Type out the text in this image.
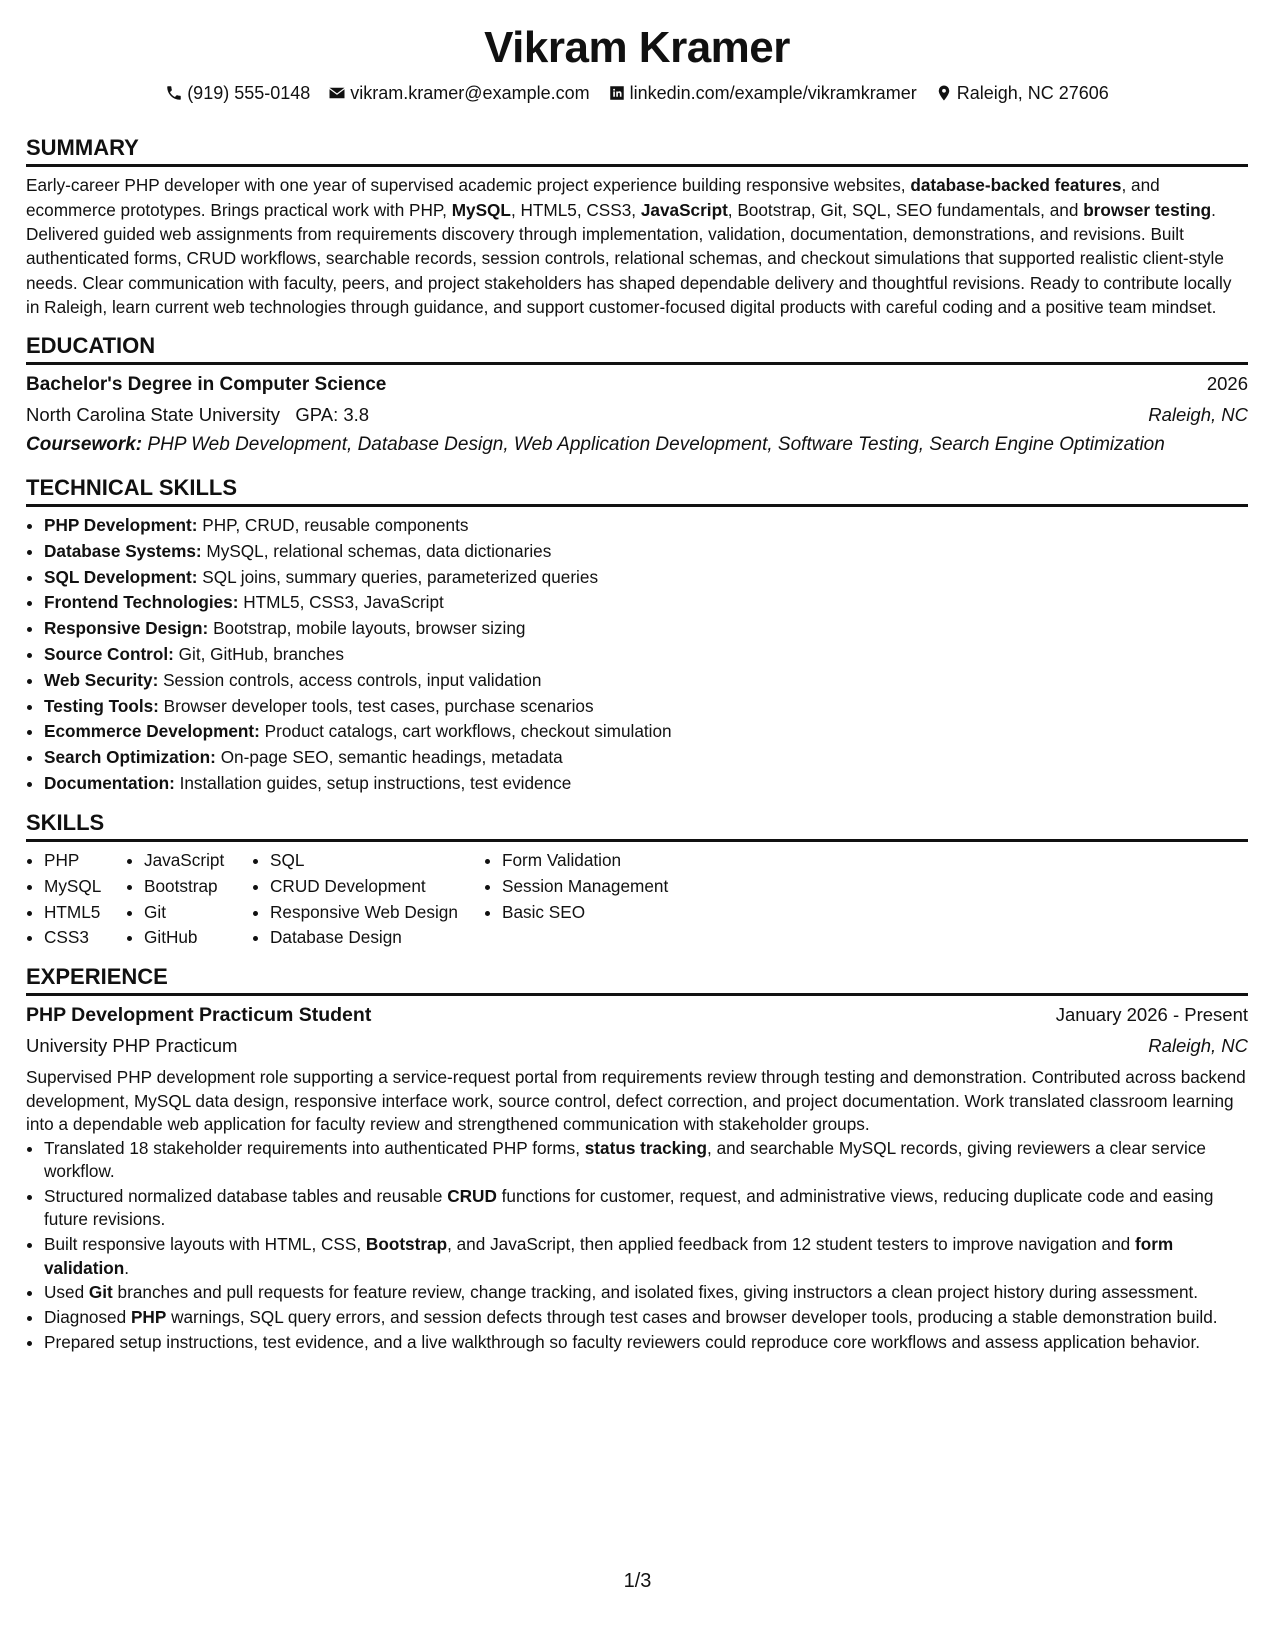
Vikram Kramer
(919) 555-0148 vikram.kramer@example.com linkedin.com/example/vikramkramer Raleigh, NC 27606
SUMMARY
Early-career PHP developer with one year of supervised academic project experience building responsive websites, database-backed features, and ecommerce prototypes. Brings practical work with PHP, MySQL, HTML5, CSS3, JavaScript, Bootstrap, Git, SQL, SEO fundamentals, and browser testing. Delivered guided web assignments from requirements discovery through implementation, validation, documentation, demonstrations, and revisions. Built authenticated forms, CRUD workflows, searchable records, session controls, relational schemas, and checkout simulations that supported realistic client-style needs. Clear communication with faculty, peers, and project stakeholders has shaped dependable delivery and thoughtful revisions. Ready to contribute locally in Raleigh, learn current web technologies through guidance, and support customer-focused digital products with careful coding and a positive team mindset.
EDUCATION
Bachelor's Degree in Computer Science	2026
North Carolina State University GPA: 3.8	Raleigh, NC
Coursework: PHP Web Development, Database Design, Web Application Development, Software Testing, Search Engine Optimization
TECHNICAL SKILLS
• PHP Development: PHP, CRUD, reusable components
• Database Systems: MySQL, relational schemas, data dictionaries
• SQL Development: SQL joins, summary queries, parameterized queries
• Frontend Technologies: HTML5, CSS3, JavaScript
• Responsive Design: Bootstrap, mobile layouts, browser sizing
• Source Control: Git, GitHub, branches
• Web Security: Session controls, access controls, input validation
• Testing Tools: Browser developer tools, test cases, purchase scenarios
• Ecommerce Development: Product catalogs, cart workflows, checkout simulation
• Search Optimization: On-page SEO, semantic headings, metadata
• Documentation: Installation guides, setup instructions, test evidence
SKILLS
• PHP
• MySQL
• HTML5
• CSS3
• JavaScript
• Bootstrap
• Git
• GitHub
• SQL
• CRUD Development
• Responsive Web Design
• Database Design
• Form Validation
• Session Management
• Basic SEO
EXPERIENCE
PHP Development Practicum Student	January 2026 - Present
University PHP Practicum	Raleigh, NC
Supervised PHP development role supporting a service-request portal from requirements review through testing and demonstration. Contributed across backend development, MySQL data design, responsive interface work, source control, defect correction, and project documentation. Work translated classroom learning into a dependable web application for faculty review and strengthened communication with stakeholder groups.
• Translated 18 stakeholder requirements into authenticated PHP forms, status tracking, and searchable MySQL records, giving reviewers a clear service workflow.
• Structured normalized database tables and reusable CRUD functions for customer, request, and administrative views, reducing duplicate code and easing future revisions.
• Built responsive layouts with HTML, CSS, Bootstrap, and JavaScript, then applied feedback from 12 student testers to improve navigation and form validation.
• Used Git branches and pull requests for feature review, change tracking, and isolated fixes, giving instructors a clean project history during assessment.
• Diagnosed PHP warnings, SQL query errors, and session defects through test cases and browser developer tools, producing a stable demonstration build.
• Prepared setup instructions, test evidence, and a live walkthrough so faculty reviewers could reproduce core workflows and assess application behavior.
1/3
